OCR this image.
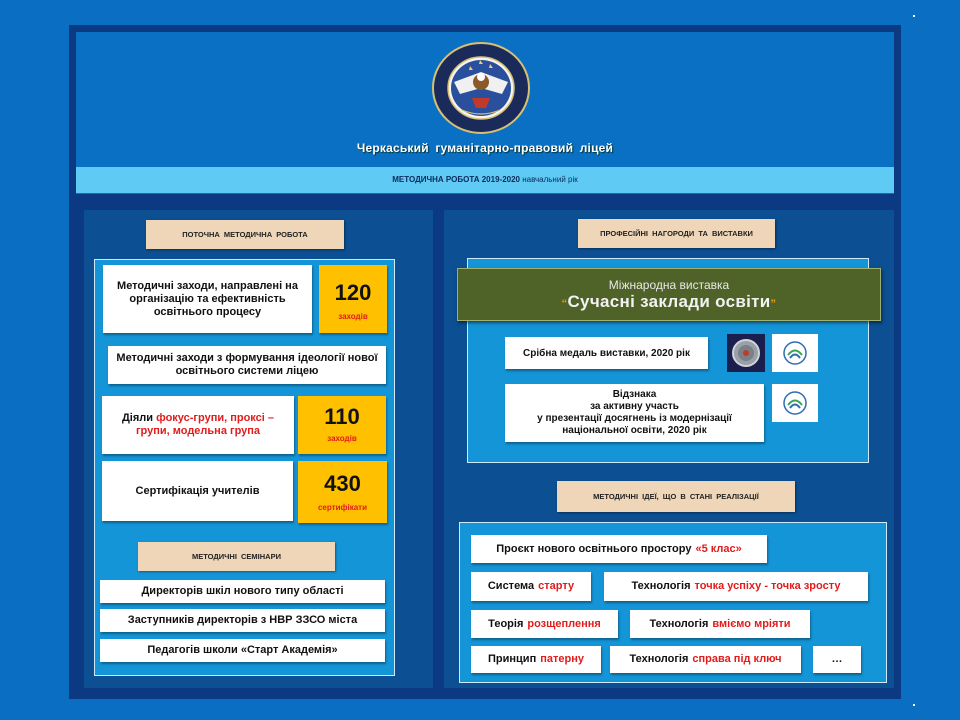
Черкаський гуманітарно-правовий ліцей
МЕТОДИЧНА РОБОТА 2019-2020 навчальний рік
ПОТОЧНА МЕТОДИЧНА РОБОТА
Методичні заходи, направлені на організацію та ефективність освітнього процесу
120
заходів
Методичні заходи з формування ідеології нової освітнього системи ліцею
Діяли фокус-групи, проксі – групи, модельна група
110
заходів
Сертифікація учителів	430
сертифікати
МЕТОДИЧНІ СЕМІНАРИ
Директорів шкіл нового типу області
Заступників директорів з НВР ЗЗСО міста
Педагогів школи «Старт Академія»
ПРОФЕСІЙНІ НАГОРОДИ ТА ВИСТАВКИ
Міжнародна виставка
“Сучасні заклади освіти”
Срібна медаль виставки, 2020 рік
Відзнака
за активну участь
у презентації досягнень із модернізації
національної освіти, 2020 рік
МЕТОДИЧНІ ІДЕЇ, ЩО В СТАНІ РЕАЛІЗАЦІЇ
Проєкт нового освітнього простору «5 клас»
Система старту	Технологія точка успіху - точка зросту
Теорія розщеплення	Технологія вміємо мріяти
Принцип патерну	Технологія справа під ключ	…
